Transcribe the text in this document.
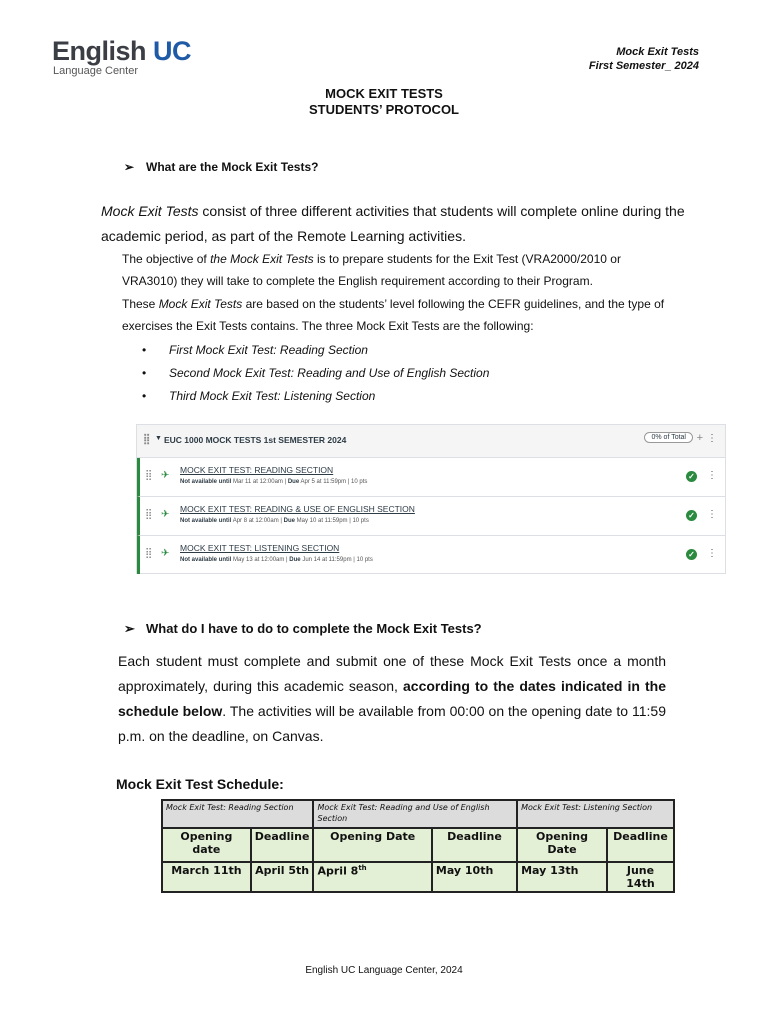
English UC
Language Center
Mock Exit Tests
First Semester_ 2024
MOCK EXIT TESTS
STUDENTS’ PROTOCOL
➢ What are the Mock Exit Tests?
Mock Exit Tests consist of three different activities that students will complete online during the academic period, as part of the Remote Learning activities.
The objective of the Mock Exit Tests is to prepare students for the Exit Test (VRA2000/2010 or VRA3010) they will take to complete the English requirement according to their Program.
These Mock Exit Tests are based on the students’ level following the CEFR guidelines, and the type of exercises the Exit Tests contains. The three Mock Exit Tests are the following:
• First Mock Exit Test: Reading Section
• Second Mock Exit Test: Reading and Use of English Section
• Third Mock Exit Test: Listening Section
⣿ ▼ EUC 1000 MOCK TESTS 1st SEMESTER 2024	0% of Total + ⋮
⣿ ✈ MOCK EXIT TEST: READING SECTION
Not available until Mar 11 at 12:00am | Due Apr 5 at 11:59pm | 10 pts
✓ ⋮
⣿ ✈ MOCK EXIT TEST: READING & USE OF ENGLISH SECTION
Not available until Apr 8 at 12:00am | Due May 10 at 11:59pm | 10 pts
✓ ⋮
⣿ ✈ MOCK EXIT TEST: LISTENING SECTION
Not available until May 13 at 12:00am | Due Jun 14 at 11:59pm | 10 pts
✓ ⋮
➢ What do I have to do to complete the Mock Exit Tests?
Each student must complete and submit one of these Mock Exit Tests once a month approximately, during this academic season, according to the dates indicated in the schedule below. The activities will be available from 00:00 on the opening date to 11:59 p.m. on the deadline, on Canvas.
Mock Exit Test Schedule:
Mock Exit Test: Reading Section		Mock Exit Test: Reading and Use of English Section		Mock Exit Test: Listening Section	
Opening date	Deadline	Opening Date	Deadline	Opening Date	Deadline
March 11th	April 5th	April 8th	May 10th	May 13th	June 14th
English UC Language Center, 2024
